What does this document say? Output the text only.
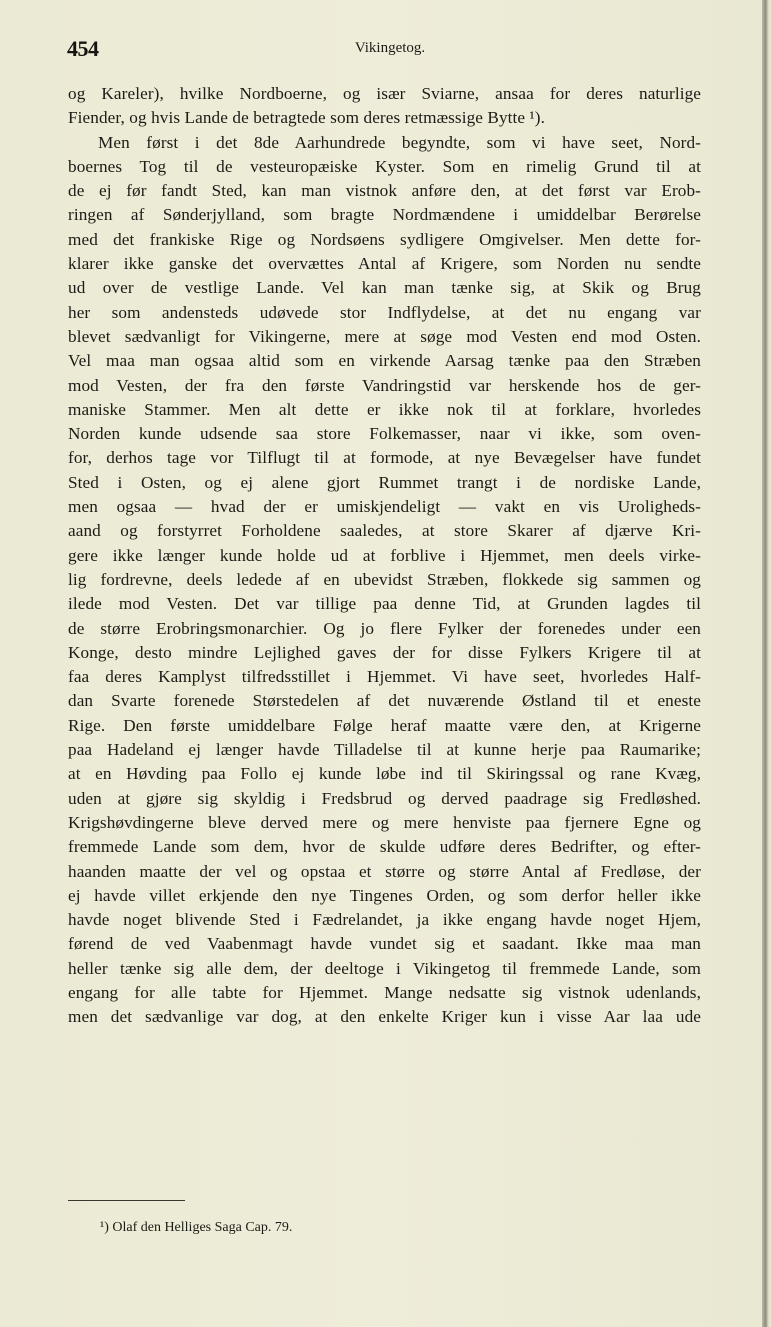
454	Vikingetog.
og Kareler), hvilke Nordboerne, og især Sviarne, ansaa for deres naturlige
Fiender, og hvis Lande de betragtede som deres retmæssige Bytte ¹).
Men først i det 8de Aarhundrede begyndte, som vi have seet, Nord-
boernes Tog til de vesteuropæiske Kyster. Som en rimelig Grund til at
de ej før fandt Sted, kan man vistnok anføre den, at det først var Erob-
ringen af Sønderjylland, som bragte Nordmændene i umiddelbar Berørelse
med det frankiske Rige og Nordsøens sydligere Omgivelser. Men dette for-
klarer ikke ganske det overvættes Antal af Krigere, som Norden nu sendte
ud over de vestlige Lande. Vel kan man tænke sig, at Skik og Brug
her som andensteds udøvede stor Indflydelse, at det nu engang var
blevet sædvanligt for Vikingerne, mere at søge mod Vesten end mod Osten.
Vel maa man ogsaa altid som en virkende Aarsag tænke paa den Stræben
mod Vesten, der fra den første Vandringstid var herskende hos de ger-
maniske Stammer. Men alt dette er ikke nok til at forklare, hvorledes
Norden kunde udsende saa store Folkemasser, naar vi ikke, som oven-
for, derhos tage vor Tilflugt til at formode, at nye Bevægelser have fundet
Sted i Osten, og ej alene gjort Rummet trangt i de nordiske Lande,
men ogsaa — hvad der er umiskjendeligt — vakt en vis Uroligheds-
aand og forstyrret Forholdene saaledes, at store Skarer af djærve Kri-
gere ikke længer kunde holde ud at forblive i Hjemmet, men deels virke-
lig fordrevne, deels ledede af en ubevidst Stræben, flokkede sig sammen og
ilede mod Vesten. Det var tillige paa denne Tid, at Grunden lagdes til
de større Erobringsmonarchier. Og jo flere Fylker der forenedes under een
Konge, desto mindre Lejlighed gaves der for disse Fylkers Krigere til at
faa deres Kamplyst tilfredsstillet i Hjemmet. Vi have seet, hvorledes Half-
dan Svarte forenede Størstedelen af det nuværende Østland til et eneste
Rige. Den første umiddelbare Følge heraf maatte være den, at Krigerne
paa Hadeland ej længer havde Tilladelse til at kunne herje paa Raumarike;
at en Høvding paa Follo ej kunde løbe ind til Skiringssal og rane Kvæg,
uden at gjøre sig skyldig i Fredsbrud og derved paadrage sig Fredløshed.
Krigshøvdingerne bleve derved mere og mere henviste paa fjernere Egne og
fremmede Lande som dem, hvor de skulde udføre deres Bedrifter, og efter-
haanden maatte der vel og opstaa et større og større Antal af Fredløse, der
ej havde villet erkjende den nye Tingenes Orden, og som derfor heller ikke
havde noget blivende Sted i Fædrelandet, ja ikke engang havde noget Hjem,
førend de ved Vaabenmagt havde vundet sig et saadant. Ikke maa man
heller tænke sig alle dem, der deeltoge i Vikingetog til fremmede Lande, som
engang for alle tabte for Hjemmet. Mange nedsatte sig vistnok udenlands,
men det sædvanlige var dog, at den enkelte Kriger kun i visse Aar laa ude
¹) Olaf den Helliges Saga Cap. 79.
